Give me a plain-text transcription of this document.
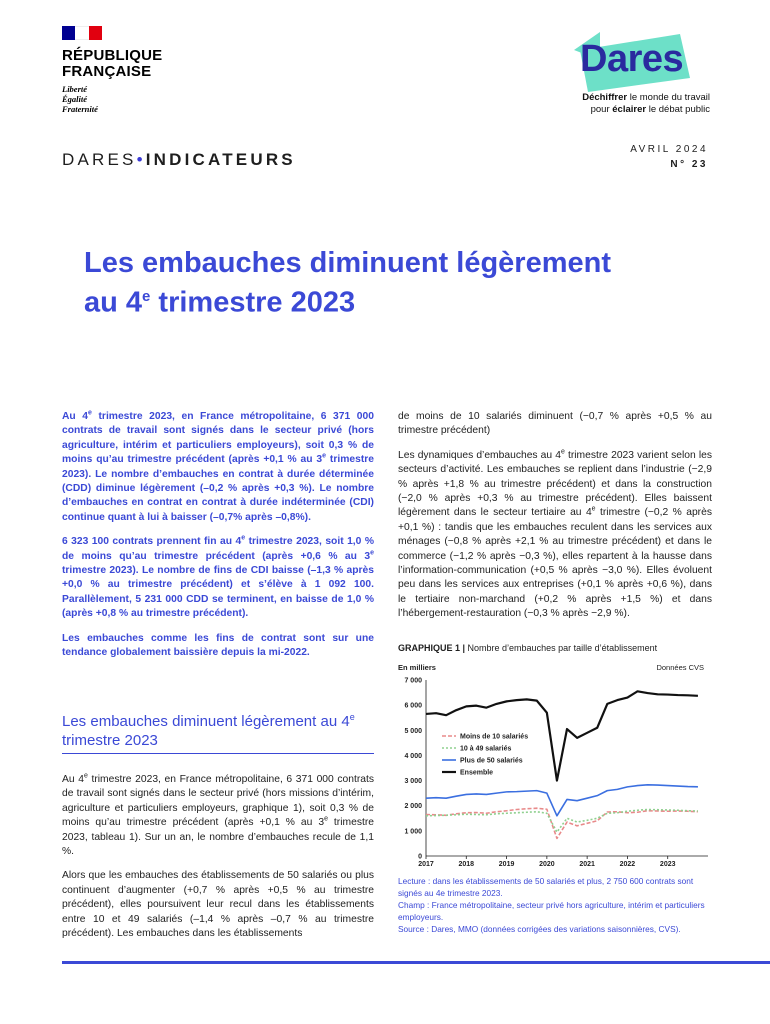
RÉPUBLIQUE
FRANÇAISE
Liberté
Égalité
Fraternité
Dares
Déchiffrer le monde du travail
pour éclairer le débat public
DARES•INDICATEURS
AVRIL 2024
N° 23
Les embauches diminuent légèrement
au 4e trimestre 2023

Au 4e trimestre 2023, en France métropolitaine, 6 371 000 contrats de travail sont signés dans le secteur privé (hors agriculture, intérim et particuliers employeurs), soit 0,3 % de moins qu’au trimestre précédent (après +0,1 % au 3e trimestre 2023). Le nombre d’embauches en contrat à durée déterminée (CDD) diminue légèrement (–0,2 % après +0,3 %). Le nombre d’embauches en contrat en contrat à durée indéterminée (CDI) continue quant à lui à baisser (–0,7% après –0,8%).

6 323 100 contrats prennent fin au 4e trimestre 2023, soit 1,0 % de moins qu’au trimestre précédent (après +0,6 % au 3e trimestre 2023). Le nombre de fins de CDI baisse (–1,3 % après +0,0 % au trimestre précédent) et s’élève à 1 092 100. Parallèlement, 5 231 000 CDD se terminent, en baisse de 1,0 % (après +0,8 % au trimestre précédent).

Les embauches comme les fins de contrat sont sur une tendance globalement baissière depuis la mi-2022.

Les embauches diminuent légèrement au 4e trimestre 2023

Au 4e trimestre 2023, en France métropolitaine, 6 371 000 contrats de travail sont signés dans le secteur privé (hors missions d’intérim, agriculture et particuliers employeurs, graphique 1), soit 0,3 % de moins qu’au trimestre précédent (après +0,1 % au 3e trimestre 2023, tableau 1). Sur un an, le nombre d’embauches recule de 1,1 %.

Alors que les embauches des établissements de 50 salariés ou plus continuent d’augmenter (+0,7 % après +0,5 % au trimestre précédent), elles poursuivent leur recul dans les établissements entre 10 et 49 salariés (–1,4 % après –0,7 % au trimestre précédent). Les embauches dans les établissements

de moins de 10 salariés diminuent (−0,7 % après +0,5 % au trimestre précédent)

Les dynamiques d’embauches au 4e trimestre 2023 varient selon les secteurs d’activité. Les embauches se replient dans l’industrie (−2,9 % après +1,8 % au trimestre précédent) et dans la construction (−2,0 % après +0,3 % au trimestre précédent). Elles baissent légèrement dans le secteur tertiaire au 4e trimestre (−0,2 % après +0,1 %) : tandis que les embauches reculent dans les services aux ménages (−0,8 % après +2,1 % au trimestre précédent) et dans le commerce (−1,2 % après −0,3 %), elles repartent à la hausse dans l’information-communication (+0,5 % après −3,0 %). Elles évoluent peu dans les services aux entreprises (+0,1 % après +0,6 %), dans le tertiaire non-marchand (+0,2 % après +1,5 %) et dans l’hébergement-restauration (−0,3 % après −2,9 %).

GRAPHIQUE 1 | Nombre d’embauches par taille d’établissement
En milliers	Données CVS
0
1 000
2 000
3 000
4 000
5 000
6 000
7 000
2017	2018	2019	2020	2021	2022	2023
Moins de 10 salariés
10 à 49 salariés
Plus de 50 salariés
Ensemble

Lecture : dans les établissements de 50 salariés et plus, 2 750 600 contrats sont signés au 4e trimestre 2023.

Champ : France métropolitaine, secteur privé hors agriculture, intérim et particuliers employeurs.

Source : Dares, MMO (données corrigées des variations saisonnières, CVS).
